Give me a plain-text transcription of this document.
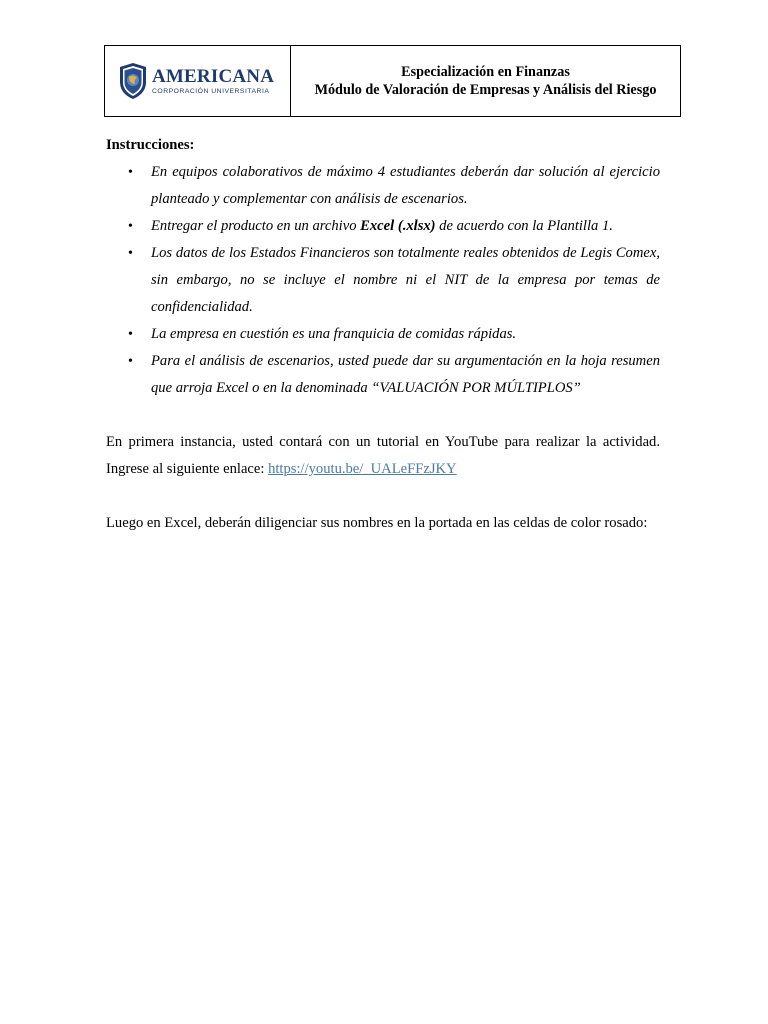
AMERICANA
CORPORACIÓN UNIVERSITARIA
Especialización en Finanzas
Módulo de Valoración de Empresas y Análisis del Riesgo

Instrucciones:

• En equipos colaborativos de máximo 4 estudiantes deberán dar solución al ejercicio planteado y complementar con análisis de escenarios.
• Entregar el producto en un archivo Excel (.xlsx) de acuerdo con la Plantilla 1.
• Los datos de los Estados Financieros son totalmente reales obtenidos de Legis Comex, sin embargo, no se incluye el nombre ni el NIT de la empresa por temas de confidencialidad.
• La empresa en cuestión es una franquicia de comidas rápidas.
• Para el análisis de escenarios, usted puede dar su argumentación en la hoja resumen que arroja Excel o en la denominada “VALUACIÓN POR MÚLTIPLOS”

En primera instancia, usted contará con un tutorial en YouTube para realizar la actividad. Ingrese al siguiente enlace: https://youtu.be/_UALeFFzJKY

Luego en Excel, deberán diligenciar sus nombres en la portada en las celdas de color rosado:
